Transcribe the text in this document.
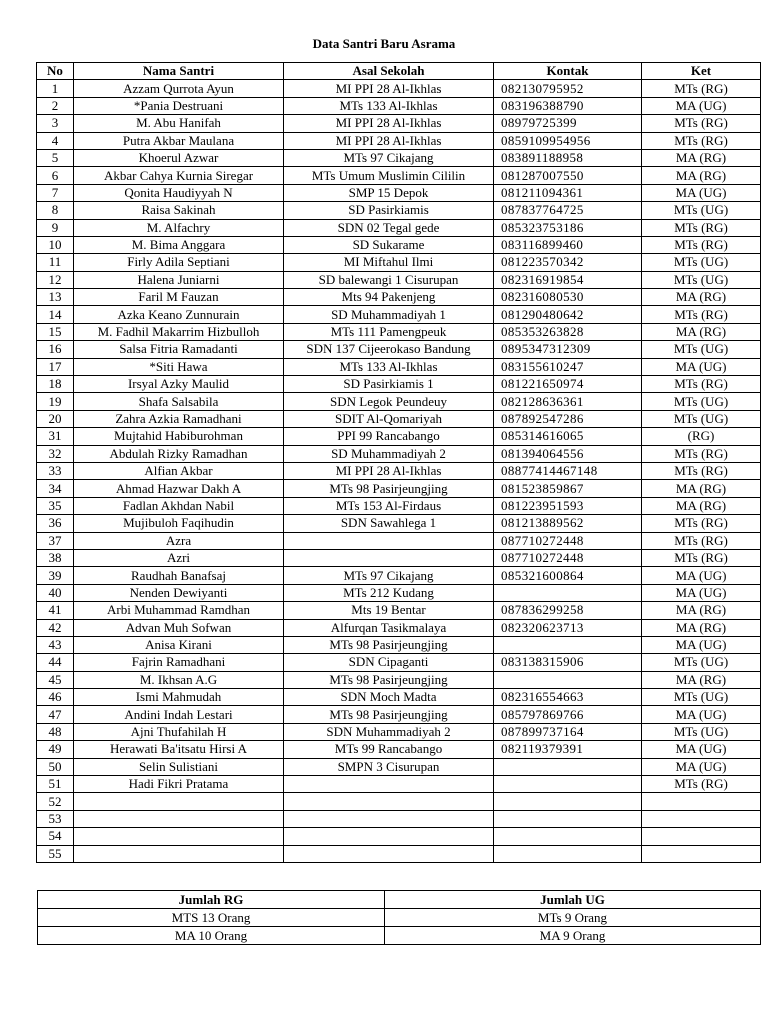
Data Santri Baru Asrama
No	Nama Santri	Asal Sekolah	Kontak	Ket
1	Azzam Qurrota Ayun	MI PPI 28 Al-Ikhlas	082130795952	MTs (RG)
2	*Pania Destruani	MTs 133 Al-Ikhlas	083196388790	MA (UG)
3	M. Abu Hanifah	MI PPI 28 Al-Ikhlas	08979725399	MTs (RG)
4	Putra Akbar Maulana	MI PPI 28 Al-Ikhlas	0859109954956	MTs (RG)
5	Khoerul Azwar	MTs 97 Cikajang	083891188958	MA (RG)
6	Akbar Cahya Kurnia Siregar	MTs Umum Muslimin Cililin	081287007550	MA (RG)
7	Qonita Haudiyyah N	SMP 15 Depok	081211094361	MA (UG)
8	Raisa Sakinah	SD Pasirkiamis	087837764725	MTs (UG)
9	M. Alfachry	SDN 02 Tegal gede	085323753186	MTs (RG)
10	M. Bima Anggara	SD Sukarame	083116899460	MTs (RG)
11	Firly Adila Septiani	MI Miftahul Ilmi	081223570342	MTs (UG)
12	Halena Juniarni	SD balewangi 1 Cisurupan	082316919854	MTs (UG)
13	Faril M Fauzan	Mts 94 Pakenjeng	082316080530	MA (RG)
14	Azka Keano Zunnurain	SD Muhammadiyah 1	081290480642	MTs (RG)
15	M. Fadhil Makarrim Hizbulloh	MTs 111 Pamengpeuk	085353263828	MA (RG)
16	Salsa Fitria Ramadanti	SDN 137 Cijeerokaso Bandung	0895347312309	MTs (UG)
17	*Siti Hawa	MTs 133 Al-Ikhlas	083155610247	MA (UG)
18	Irsyal Azky Maulid	SD Pasirkiamis 1	081221650974	MTs (RG)
19	Shafa Salsabila	SDN Legok Peundeuy	082128636361	MTs (UG)
20	Zahra Azkia Ramadhani	SDIT Al-Qomariyah	087892547286	MTs (UG)
31	Mujtahid Habiburohman	PPI 99 Rancabango	085314616065	(RG)
32	Abdulah Rizky Ramadhan	SD Muhammadiyah 2	081394064556	MTs (RG)
33	Alfian Akbar	MI PPI 28 Al-Ikhlas	08877414467148	MTs (RG)
34	Ahmad Hazwar Dakh A	MTs 98 Pasirjeungjing	081523859867	MA (RG)
35	Fadlan Akhdan Nabil	MTs 153 Al-Firdaus	081223951593	MA (RG)
36	Mujibuloh Faqihudin	SDN Sawahlega 1	081213889562	MTs (RG)
37	Azra		087710272448	MTs (RG)
38	Azri		087710272448	MTs (RG)
39	Raudhah Banafsaj	MTs 97 Cikajang	085321600864	MA (UG)
40	Nenden Dewiyanti	MTs 212 Kudang		MA (UG)
41	Arbi Muhammad Ramdhan	Mts 19 Bentar	087836299258	MA (RG)
42	Advan Muh Sofwan	Alfurqan Tasikmalaya	082320623713	MA (RG)
43	Anisa Kirani	MTs 98 Pasirjeungjing		MA (UG)
44	Fajrin Ramadhani	SDN Cipaganti	083138315906	MTs (UG)
45	M. Ikhsan A.G	MTs 98 Pasirjeungjing		MA (RG)
46	Ismi Mahmudah	SDN Moch Madta	082316554663	MTs (UG)
47	Andini Indah Lestari	MTs 98 Pasirjeungjing	085797869766	MA (UG)
48	Ajni Thufahilah H	SDN Muhammadiyah 2	087899737164	MTs (UG)
49	Herawati Ba'itsatu Hirsi A	MTs 99 Rancabango	082119379391	MA (UG)
50	Selin Sulistiani	SMPN 3 Cisurupan		MA (UG)
51	Hadi Fikri Pratama			MTs (RG)
52				
53				
54				
55				
Jumlah RG	Jumlah UG
MTS 13 Orang	MTs 9 Orang
MA 10 Orang	MA 9 Orang
